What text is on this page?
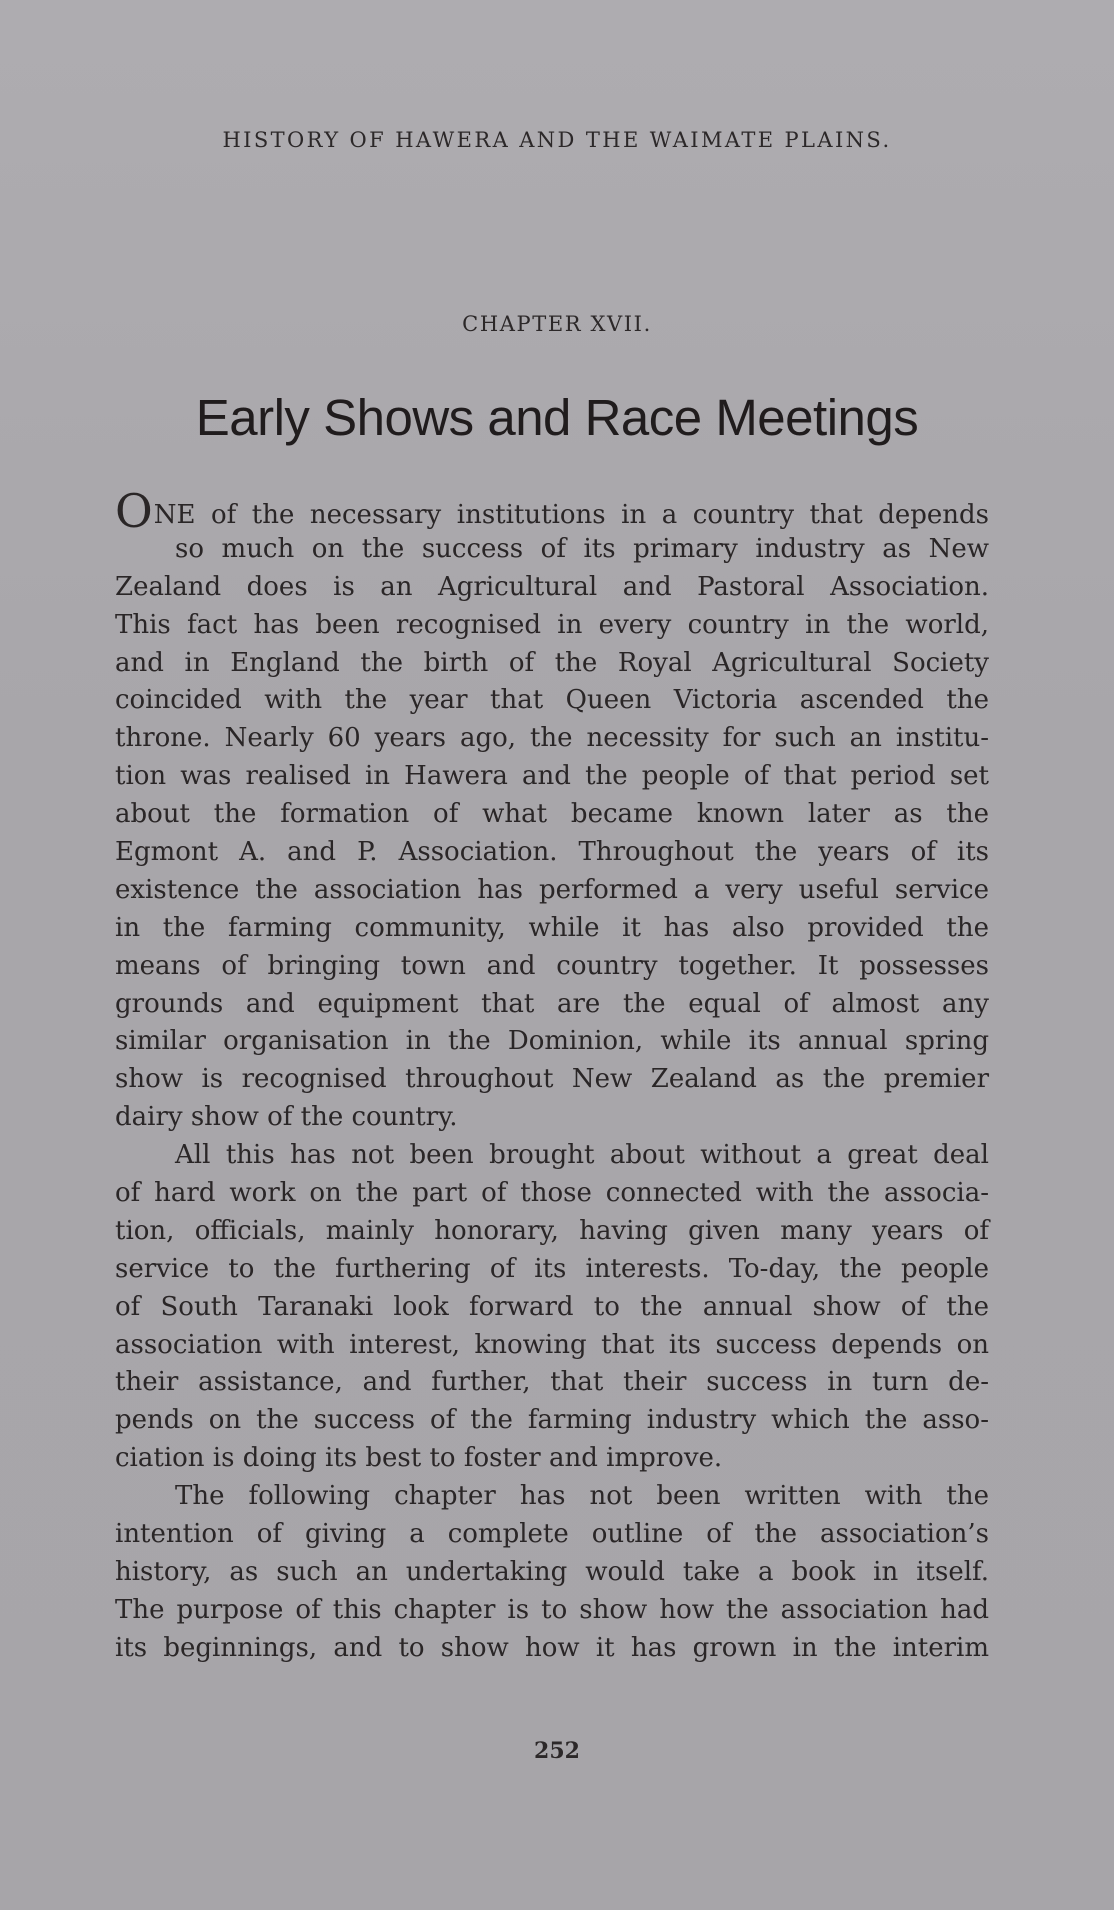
HISTORY OF HAWERA AND THE WAIMATE PLAINS.
CHAPTER XVII.
Early Shows and Race Meetings
ONE of the necessary institutions in a country that depends
so much on the success of its primary industry as New
Zealand does is an Agricultural and Pastoral Association.
This fact has been recognised in every country in the world,
and in England the birth of the Royal Agricultural Society
coincided with the year that Queen Victoria ascended the
throne. Nearly 60 years ago, the necessity for such an institu-
tion was realised in Hawera and the people of that period set
about the formation of what became known later as the
Egmont A. and P. Association. Throughout the years of its
existence the association has performed a very useful service
in the farming community, while it has also provided the
means of bringing town and country together. It possesses
grounds and equipment that are the equal of almost any
similar organisation in the Dominion, while its annual spring
show is recognised throughout New Zealand as the premier
dairy show of the country.
All this has not been brought about without a great deal
of hard work on the part of those connected with the associa-
tion, officials, mainly honorary, having given many years of
service to the furthering of its interests. To-day, the people
of South Taranaki look forward to the annual show of the
association with interest, knowing that its success depends on
their assistance, and further, that their success in turn de-
pends on the success of the farming industry which the asso-
ciation is doing its best to foster and improve.
The following chapter has not been written with the
intention of giving a complete outline of the association’s
history, as such an undertaking would take a book in itself.
The purpose of this chapter is to show how the association had
its beginnings, and to show how it has grown in the interim
252
